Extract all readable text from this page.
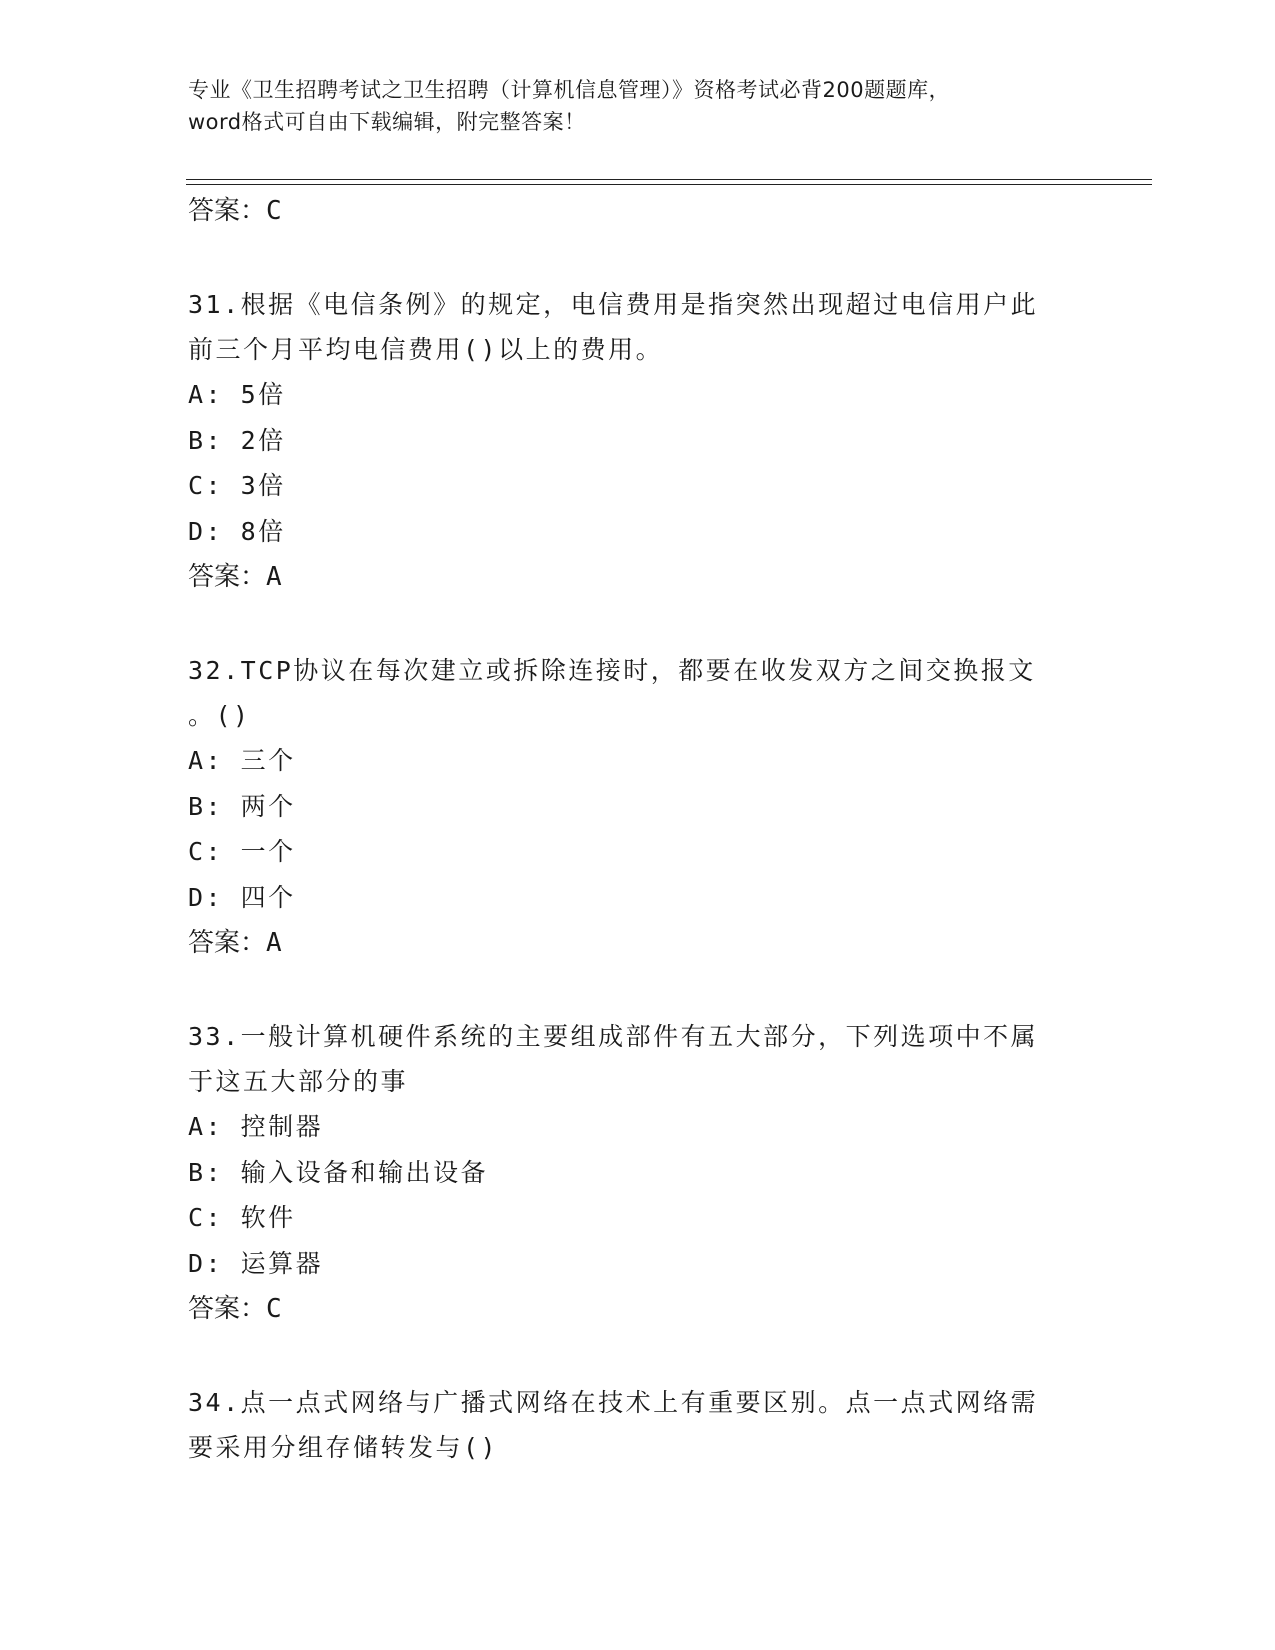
专业《卫生招聘考试之卫生招聘（计算机信息管理）》资格考试必背200题题库，
word格式可自由下载编辑，附完整答案！
答案：C
31.根据《电信条例》的规定，电信费用是指突然出现超过电信用户此
前三个月平均电信费用()以上的费用。
A: 5倍
B: 2倍
C: 3倍
D: 8倍
答案：A
32.TCP协议在每次建立或拆除连接时，都要在收发双方之间交换报文
。()
A: 三个
B: 两个
C: 一个
D: 四个
答案：A
33.一般计算机硬件系统的主要组成部件有五大部分，下列选项中不属
于这五大部分的事
A: 控制器
B: 输入设备和输出设备
C: 软件
D: 运算器
答案：C
34.点一点式网络与广播式网络在技术上有重要区别。点一点式网络需
要采用分组存储转发与()
